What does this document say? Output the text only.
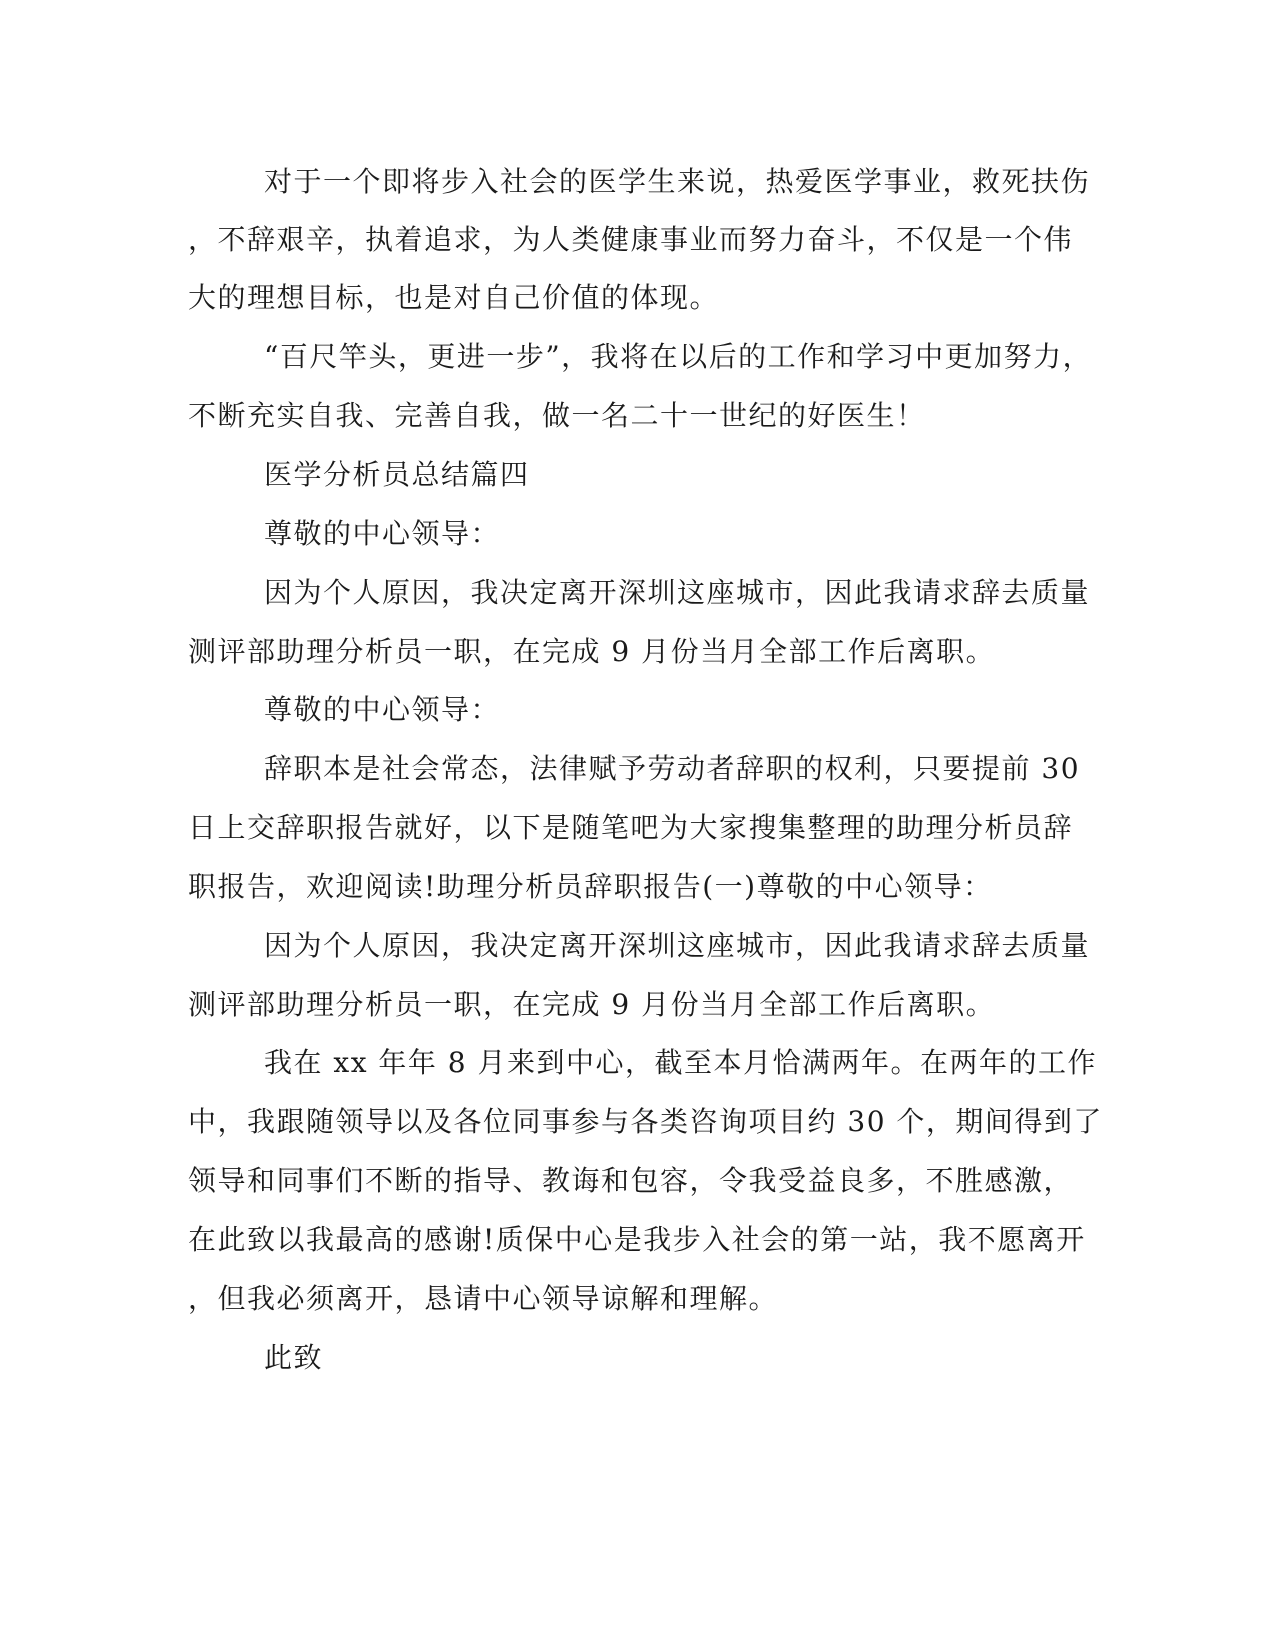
对于一个即将步入社会的医学生来说，热爱医学事业，救死扶伤
，不辞艰辛，执着追求，为人类健康事业而努力奋斗，不仅是一个伟
大的理想目标，也是对自己价值的体现。
“百尺竿头，更进一步”，我将在以后的工作和学习中更加努力，
不断充实自我、完善自我，做一名二十一世纪的好医生！
医学分析员总结篇四
尊敬的中心领导：
因为个人原因，我决定离开深圳这座城市，因此我请求辞去质量
测评部助理分析员一职，在完成 9 月份当月全部工作后离职。
尊敬的中心领导：
辞职本是社会常态，法律赋予劳动者辞职的权利，只要提前 30
日上交辞职报告就好，以下是随笔吧为大家搜集整理的助理分析员辞
职报告，欢迎阅读!助理分析员辞职报告(一)尊敬的中心领导：
因为个人原因，我决定离开深圳这座城市，因此我请求辞去质量
测评部助理分析员一职，在完成 9 月份当月全部工作后离职。
我在 xx 年年 8 月来到中心，截至本月恰满两年。在两年的工作
中，我跟随领导以及各位同事参与各类咨询项目约 30 个，期间得到了
领导和同事们不断的指导、教诲和包容，令我受益良多，不胜感激，
在此致以我最高的感谢!质保中心是我步入社会的第一站，我不愿离开
，但我必须离开，恳请中心领导谅解和理解。
此致
